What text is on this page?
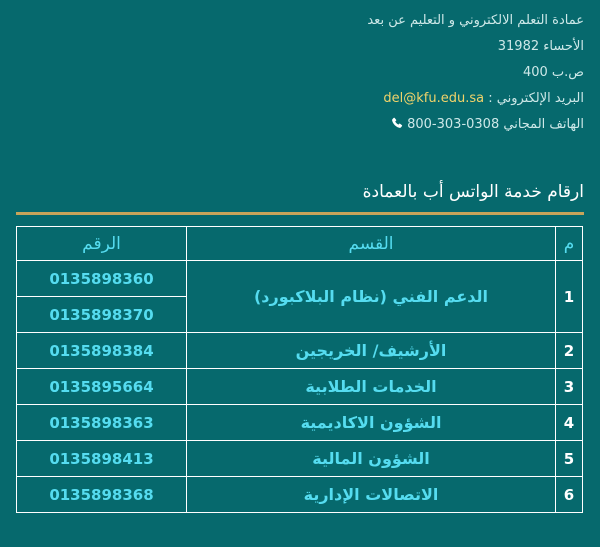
عمادة التعلم الالكتروني و التعليم عن بعد
الأحساء 31982
ص.ب 400
البريد الإلكتروني : del@kfu.edu.sa
الهاتف المجاني 0308-303-800
ارقام خدمة الواتس أب بالعمادة
م	القسم	الرقم
1	الدعم الفني (نظام البلاكبورد)	0135898360
		0135898370
2	الأرشيف/ الخريجين	0135898384
3	الخدمات الطلابية	0135895664
4	الشؤون الاكاديمية	0135898363
5	الشؤون المالية	0135898413
6	الاتصالات الإدارية	0135898368
